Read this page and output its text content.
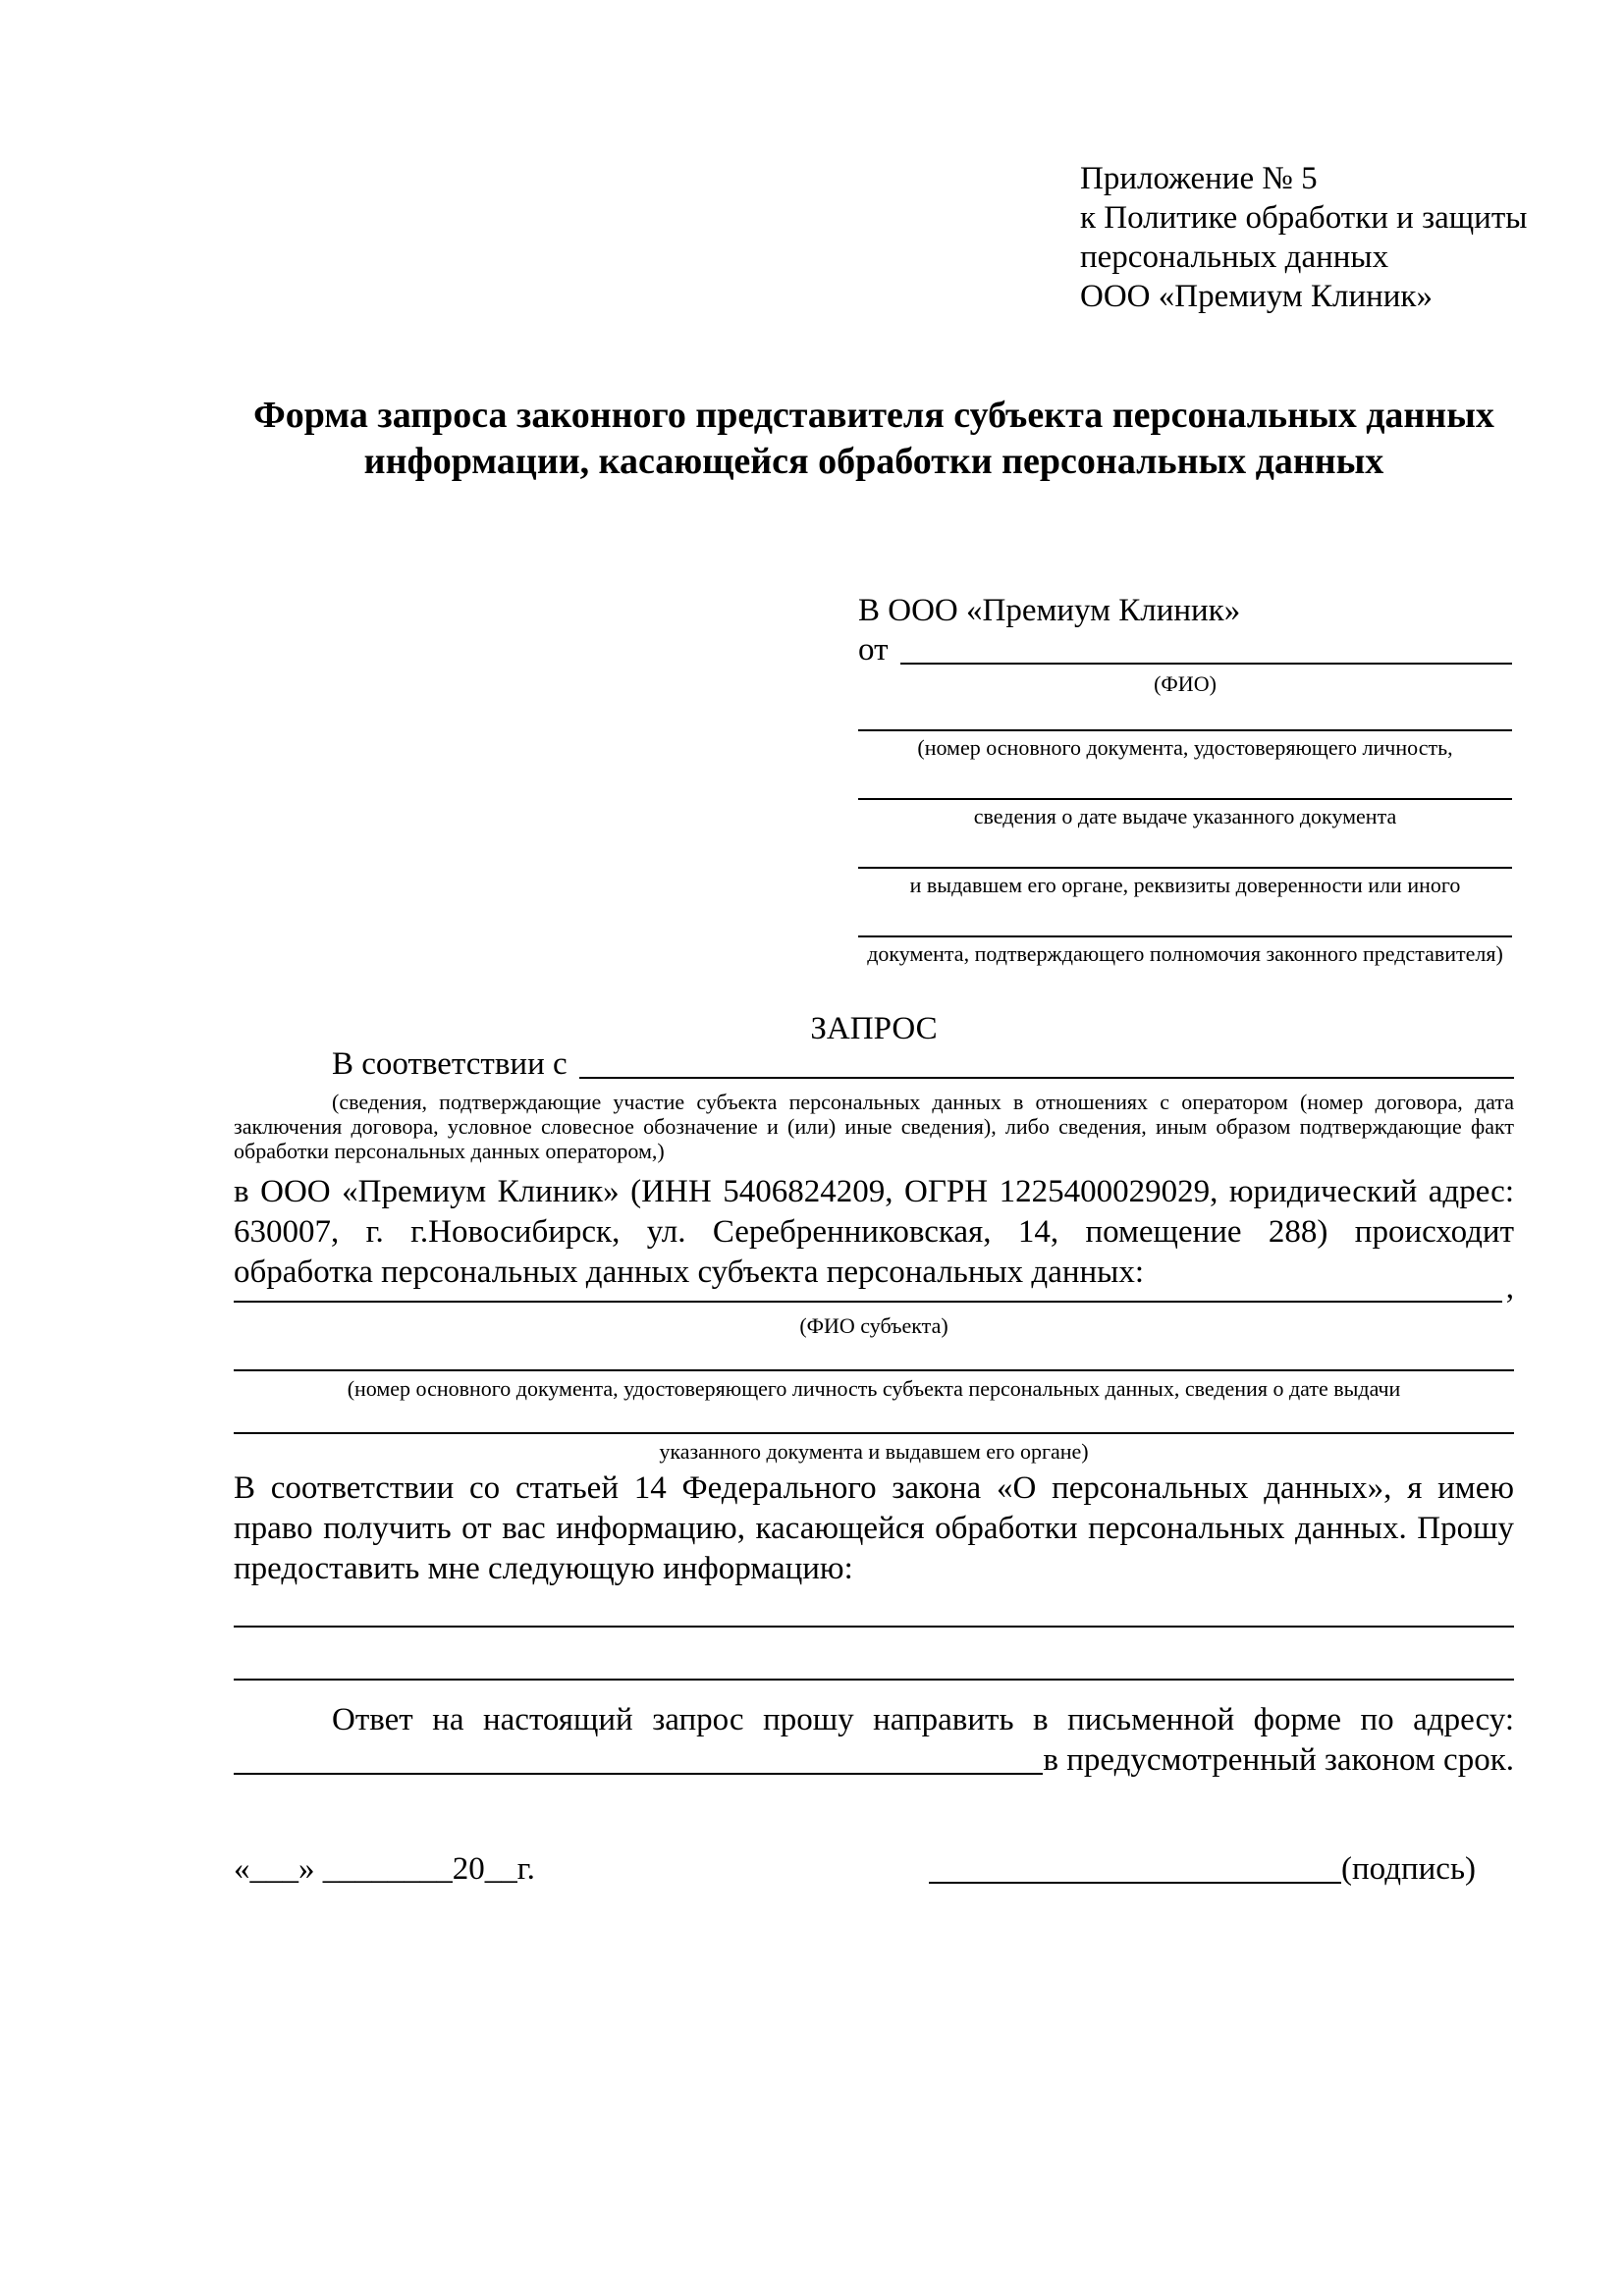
Приложение № 5
к Политике обработки и защиты
персональных данных
ООО «Премиум Клиник»
Форма запроса законного представителя субъекта персональных данных
информации, касающейся обработки персональных данных
В ООО «Премиум Клиник»
от
(ФИО)
(номер основного документа, удостоверяющего личность,
сведения о дате выдаче указанного документа
и выдавшем его органе, реквизиты доверенности или иного
документа, подтверждающего полномочия законного представителя)
ЗАПРОС
В соответствии с
(сведения, подтверждающие участие субъекта персональных данных в отношениях с оператором (номер договора, дата
заключения договора, условное словесное обозначение и (или) иные сведения), либо сведения, иным образом подтверждающие факт
обработки персональных данных оператором,)
в ООО «Премиум Клиник» (ИНН 5406824209, ОГРН 1225400029029, юридический адрес:
630007, г. г.Новосибирск, ул. Серебренниковская, 14, помещение 288) происходит
обработка персональных данных субъекта персональных данных:	,
(ФИО субъекта)
(номер основного документа, удостоверяющего личность субъекта персональных данных, сведения о дате выдачи
указанного документа и выдавшем его органе)
В соответствии со статьей 14 Федерального закона «О персональных данных», я имею
право получить от вас информацию, касающейся обработки персональных данных. Прошу
предоставить мне следующую информацию:
Ответ на настоящий запрос прошу направить в письменной форме по адресу:
в предусмотренный законом срок.
«___» ________20__г.	(подпись)
